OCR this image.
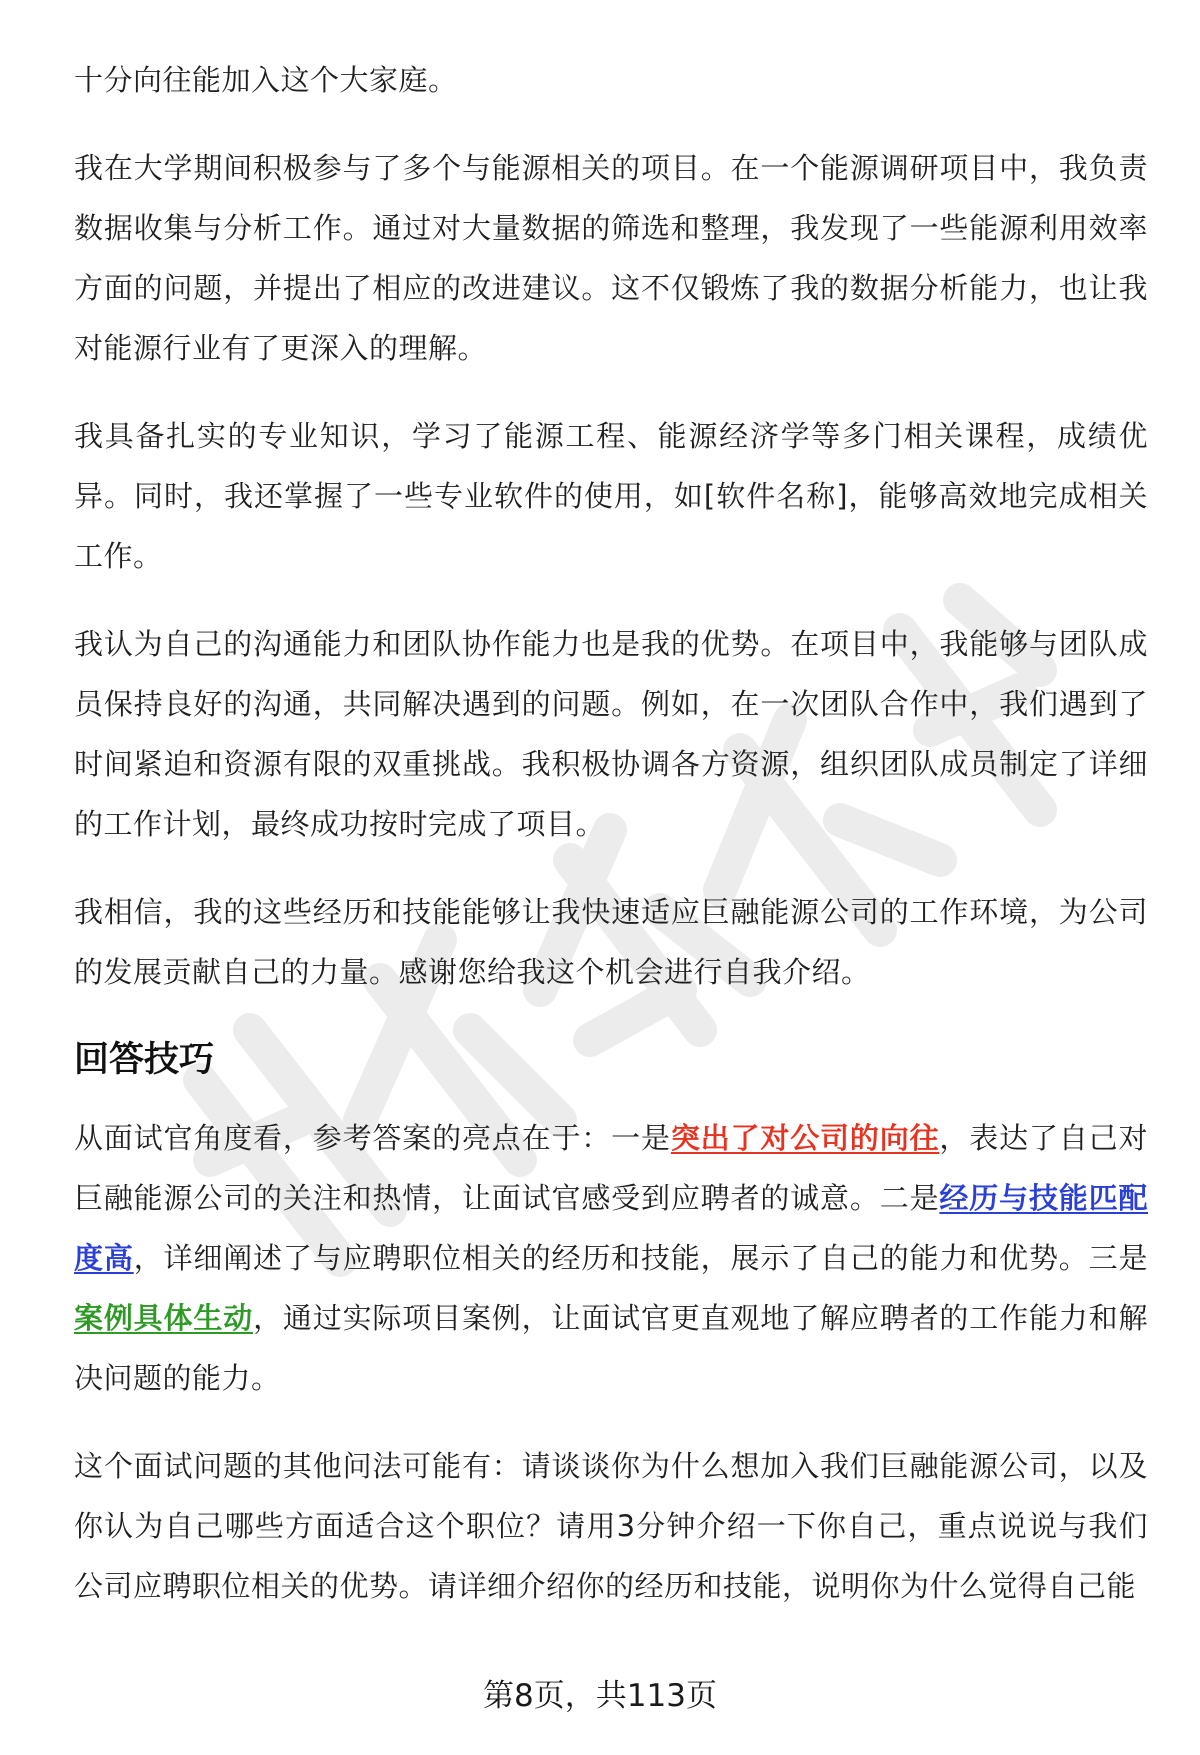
十分向往能加入这个大家庭。

我在大学期间积极参与了多个与能源相关的项目。在一个能源调研项目中，我负责数据收集与分析工作。通过对大量数据的筛选和整理，我发现了一些能源利用效率方面的问题，并提出了相应的改进建议。这不仅锻炼了我的数据分析能力，也让我对能源行业有了更深入的理解。

我具备扎实的专业知识，学习了能源工程、能源经济学等多门相关课程，成绩优异。同时，我还掌握了一些专业软件的使用，如[软件名称]，能够高效地完成相关工作。

我认为自己的沟通能力和团队协作能力也是我的优势。在项目中，我能够与团队成员保持良好的沟通，共同解决遇到的问题。例如，在一次团队合作中，我们遇到了时间紧迫和资源有限的双重挑战。我积极协调各方资源，组织团队成员制定了详细的工作计划，最终成功按时完成了项目。

我相信，我的这些经历和技能能够让我快速适应巨融能源公司的工作环境，为公司的发展贡献自己的力量。感谢您给我这个机会进行自我介绍。

回答技巧

从面试官角度看，参考答案的亮点在于：一是突出了对公司的向往，表达了自己对巨融能源公司的关注和热情，让面试官感受到应聘者的诚意。二是经历与技能匹配度高，详细阐述了与应聘职位相关的经历和技能，展示了自己的能力和优势。三是案例具体生动，通过实际项目案例，让面试官更直观地了解应聘者的工作能力和解决问题的能力。

这个面试问题的其他问法可能有：请谈谈你为什么想加入我们巨融能源公司，以及你认为自己哪些方面适合这个职位？请用3分钟介绍一下你自己，重点说说与我们公司应聘职位相关的优势。请详细介绍你的经历和技能，说明你为什么觉得自己能

第8页，共113页
